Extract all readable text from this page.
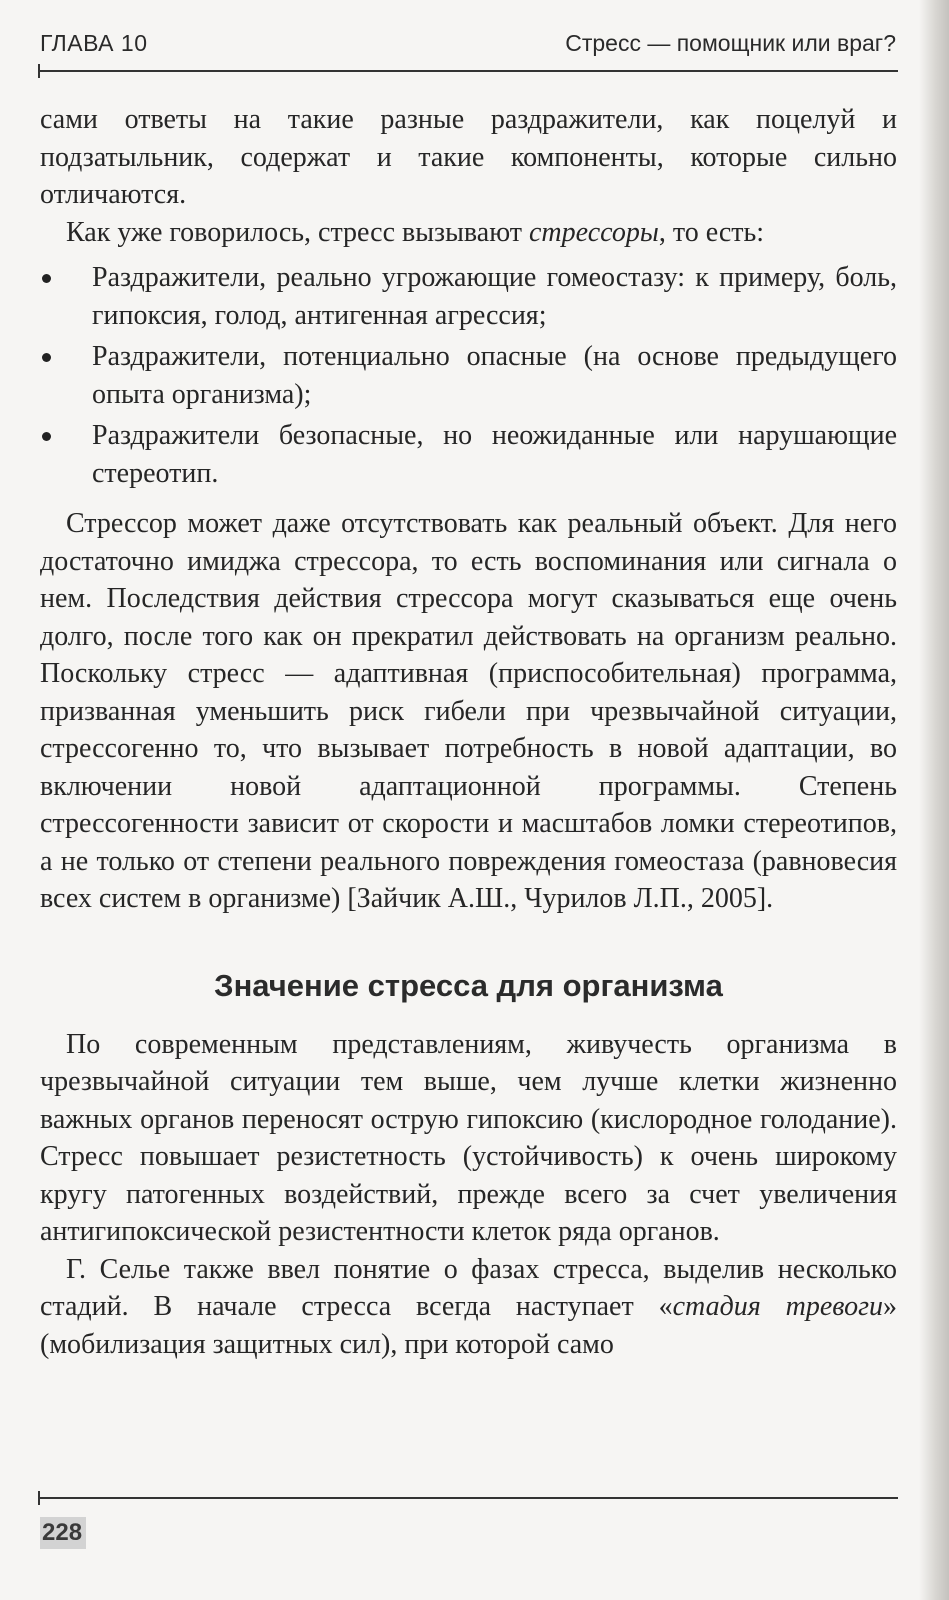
ГЛАВА 10	Стресс — помощник или враг?

сами ответы на такие разные раздражители, как поцелуй и подзатыльник, содержат и такие компоненты, которые сильно отличаются.

Как уже говорилось, стресс вызывают стрессоры, то есть:

Раздражители, реально угрожающие гомеостазу: к примеру, боль, гипоксия, голод, антигенная агрессия;
Раздражители, потенциально опасные (на основе предыдущего опыта организма);
Раздражители безопасные, но неожиданные или нарушающие стереотип.

Стрессор может даже отсутствовать как реальный объект. Для него достаточно имиджа стрессора, то есть воспоминания или сигнала о нем. Последствия действия стрессора могут сказываться еще очень долго, после того как он прекратил действовать на организм реально. Поскольку стресс — адаптивная (приспособительная) программа, призванная уменьшить риск гибели при чрезвычайной ситуации, стрессогенно то, что вызывает потребность в новой адаптации, во включении новой адаптационной программы. Степень стрессогенности зависит от скорости и масштабов ломки стереотипов, а не только от степени реального повреждения гомеостаза (равновесия всех систем в организме) [Зайчик А.Ш., Чурилов Л.П., 2005].

Значение стресса для организма

По современным представлениям, живучесть организма в чрезвычайной ситуации тем выше, чем лучше клетки жизненно важных органов переносят острую гипоксию (кислородное голодание). Стресс повышает резистетность (устойчивость) к очень широкому кругу патогенных воздействий, прежде всего за счет увеличения антигипоксической резистентности клеток ряда органов.

Г. Селье также ввел понятие о фазах стресса, выделив несколько стадий. В начале стресса всегда наступает «стадия тревоги» (мобилизация защитных сил), при которой само

228
